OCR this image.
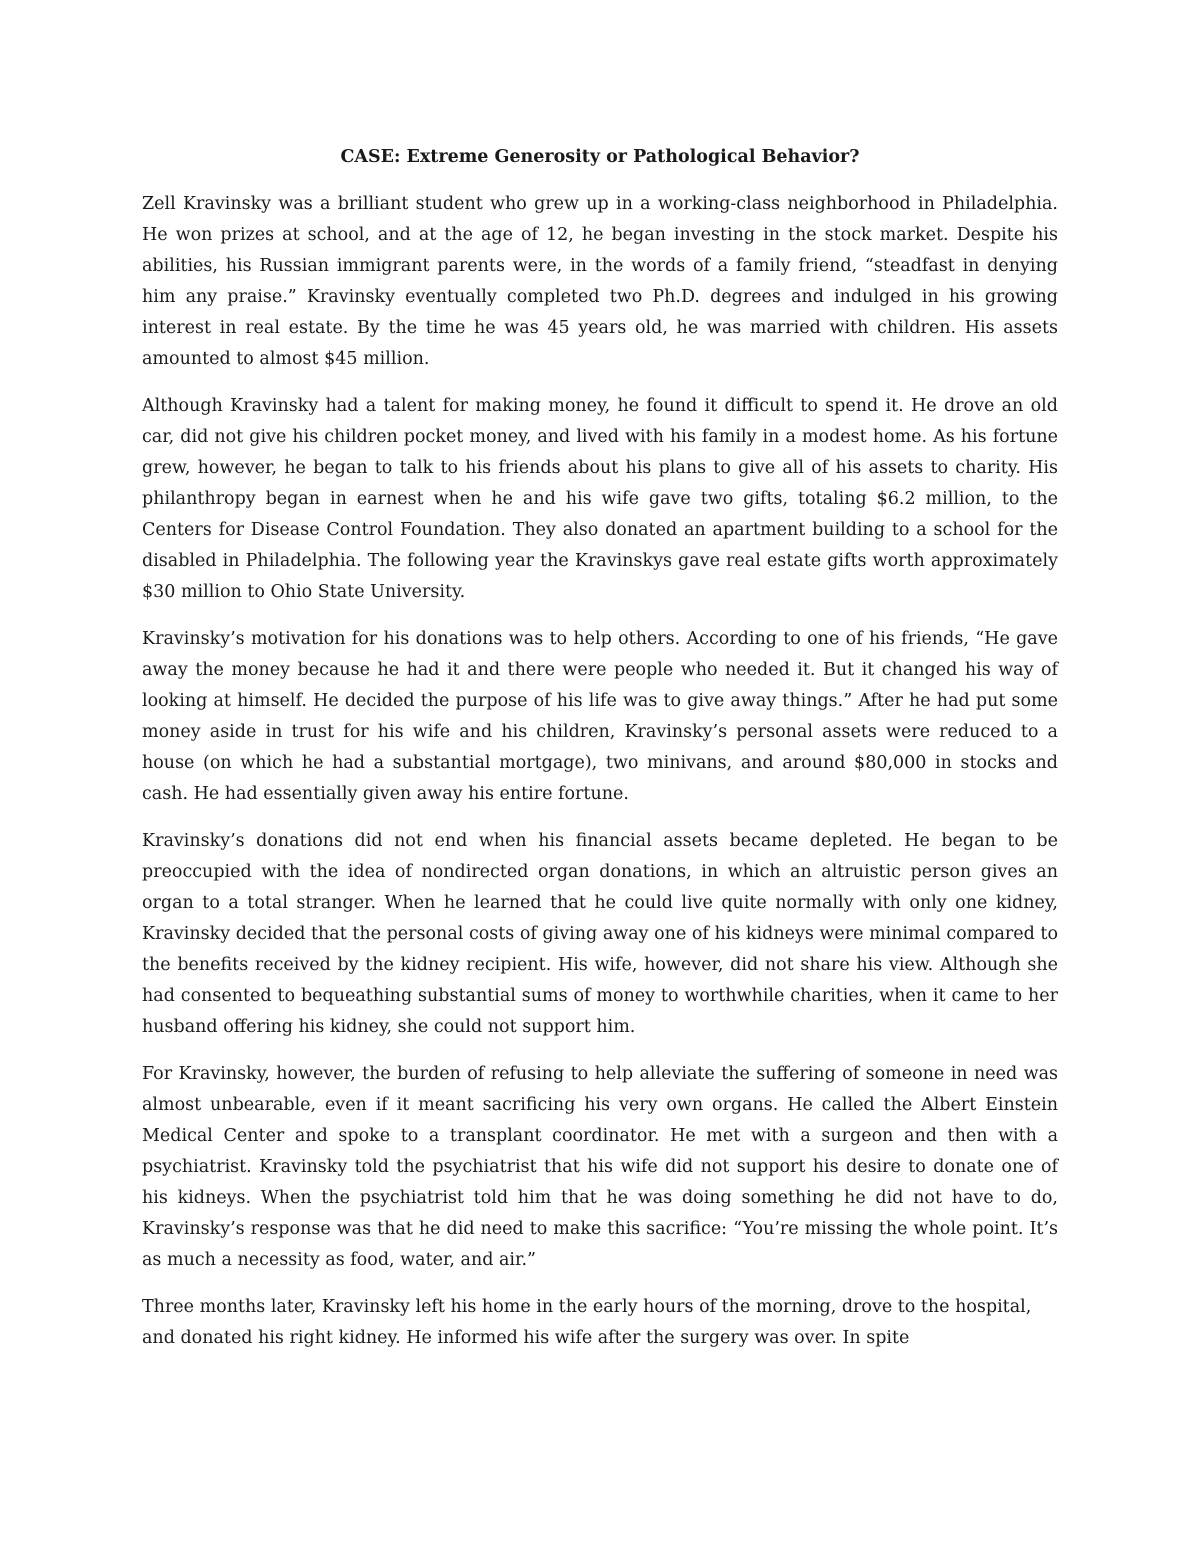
CASE: Extreme Generosity or Pathological Behavior?

Zell Kravinsky was a brilliant student who grew up in a working-class neighborhood in Philadelphia. He won prizes at school, and at the age of 12, he began investing in the stock market. Despite his abilities, his Russian immigrant parents were, in the words of a family friend, “steadfast in denying him any praise.” Kravinsky eventually completed two Ph.D. degrees and indulged in his growing interest in real estate. By the time he was 45 years old, he was married with children. His assets amounted to almost $45 million.

Although Kravinsky had a talent for making money, he found it difficult to spend it. He drove an old car, did not give his children pocket money, and lived with his family in a modest home. As his fortune grew, however, he began to talk to his friends about his plans to give all of his assets to charity. His philanthropy began in earnest when he and his wife gave two gifts, totaling $6.2 million, to the Centers for Disease Control Foundation. They also donated an apartment building to a school for the disabled in Philadelphia. The following year the Kravinskys gave real estate gifts worth approximately $30 million to Ohio State University.

Kravinsky’s motivation for his donations was to help others. According to one of his friends, “He gave away the money because he had it and there were people who needed it. But it changed his way of looking at himself. He decided the purpose of his life was to give away things.” After he had put some money aside in trust for his wife and his children, Kravinsky’s personal assets were reduced to a house (on which he had a substantial mortgage), two minivans, and around $80,000 in stocks and cash. He had essentially given away his entire fortune.

Kravinsky’s donations did not end when his financial assets became depleted. He began to be preoccupied with the idea of nondirected organ donations, in which an altruistic person gives an organ to a total stranger. When he learned that he could live quite normally with only one kidney, Kravinsky decided that the personal costs of giving away one of his kidneys were minimal compared to the benefits received by the kidney recipient. His wife, however, did not share his view. Although she had consented to bequeathing substantial sums of money to worthwhile charities, when it came to her husband offering his kidney, she could not support him.

For Kravinsky, however, the burden of refusing to help alleviate the suffering of someone in need was almost unbearable, even if it meant sacrificing his very own organs. He called the Albert Einstein Medical Center and spoke to a transplant coordinator. He met with a surgeon and then with a psychiatrist. Kravinsky told the psychiatrist that his wife did not support his desire to donate one of his kidneys. When the psychiatrist told him that he was doing something he did not have to do, Kravinsky’s response was that he did need to make this sacrifice: “You’re missing the whole point. It’s as much a necessity as food, water, and air.”

Three months later, Kravinsky left his home in the early hours of the morning, drove to the hospital, and donated his right kidney. He informed his wife after the surgery was over. In spite
